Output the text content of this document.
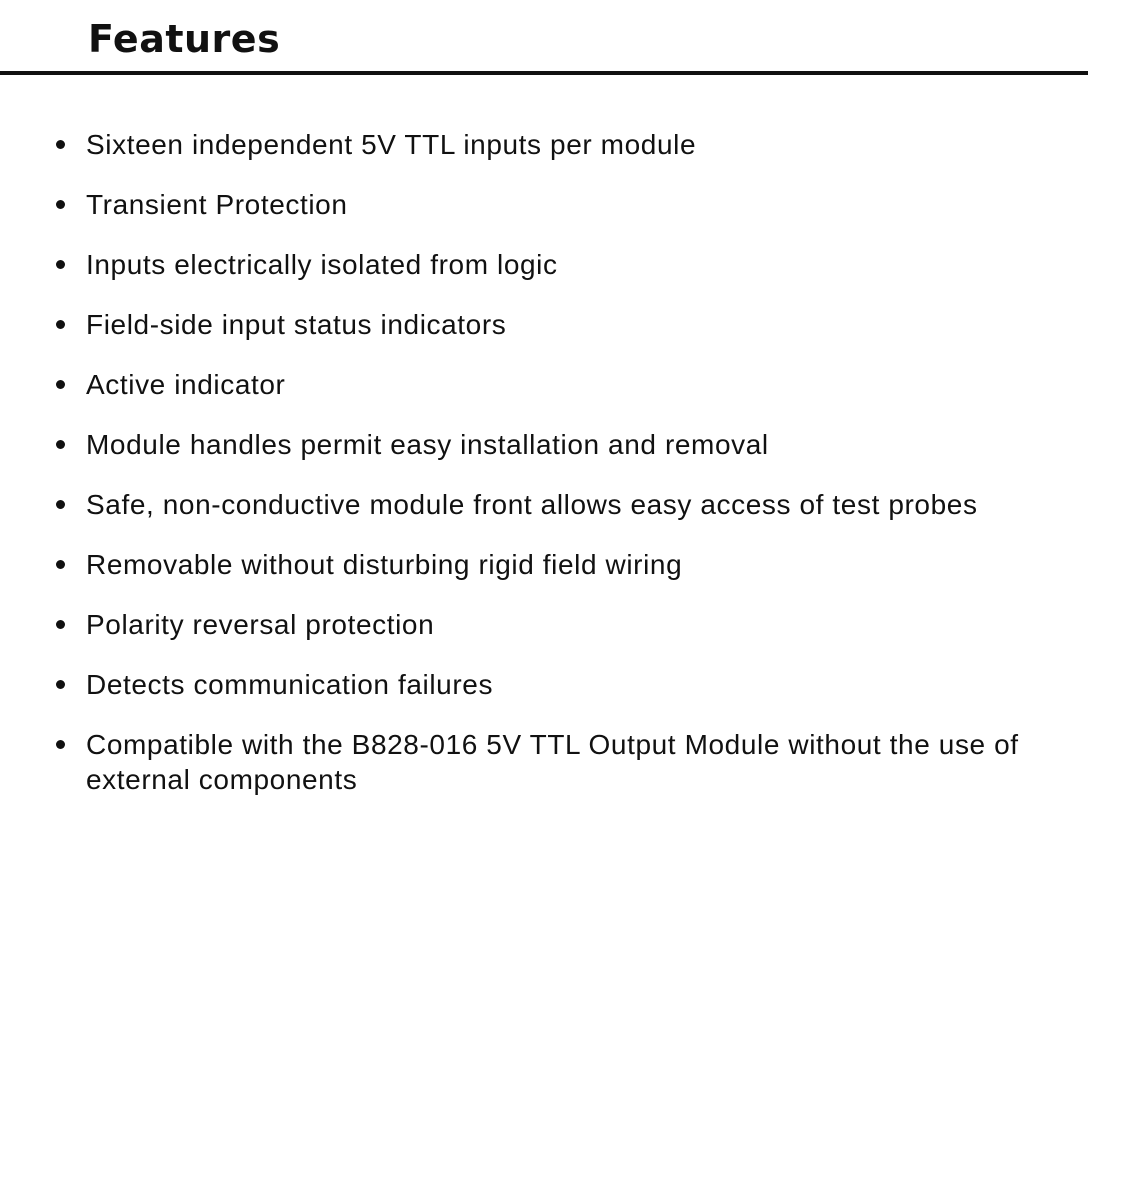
Features
Sixteen independent 5V TTL inputs per module
Transient Protection
Inputs electrically isolated from logic
Field-side input status indicators
Active indicator
Module handles permit easy installation and removal
Safe, non-conductive module front allows easy access of test probes
Removable without disturbing rigid field wiring
Polarity reversal protection
Detects communication failures
Compatible with the B828-016 5V TTL Output Module without the use of external components
